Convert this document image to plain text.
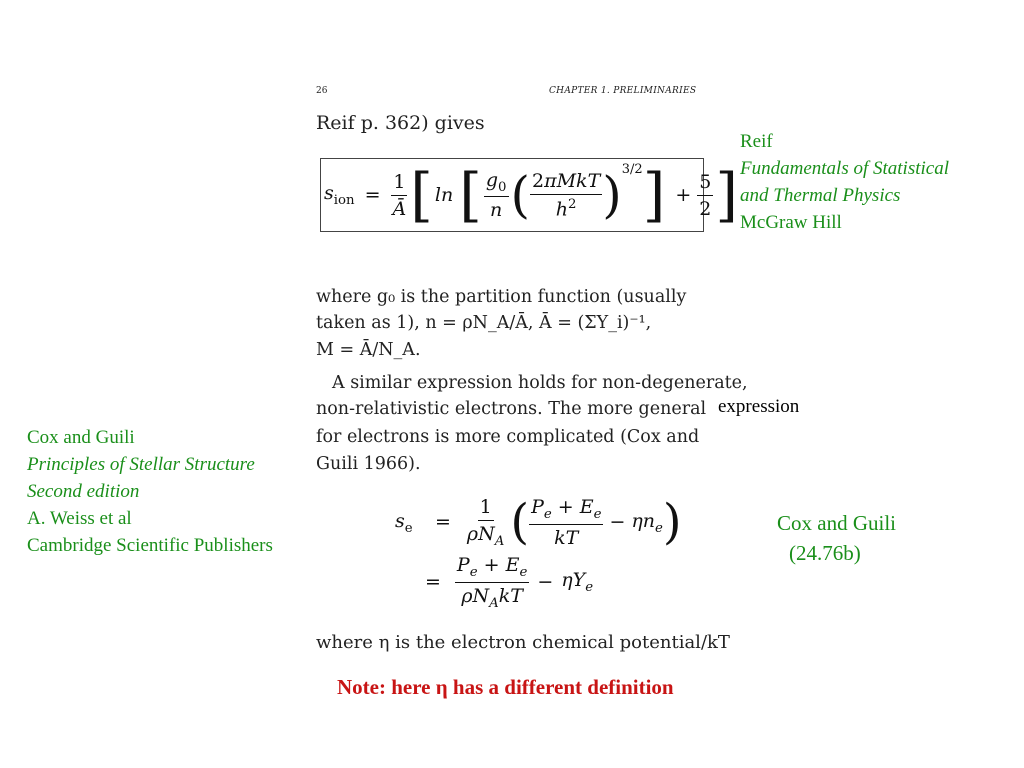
26	CHAPTER 1. PRELIMINARIES
Reif p. 362) gives
$s_{ion} = \frac{1}{Ā}$ [ ln [ $\frac{g_0}{n}$ ( $\frac{\text{2πMkT}}{h^2}$ ) 3/2 ] + $\frac{5}{2}$ ]
where g₀ is the partition function (usually
taken as 1), n = ρN_A/Ā, Ā = (ΣY_i)⁻¹,
M = Ā/N_A.
A similar expression holds for non-degenerate,
non-relativistic electrons. The more general expression
for electrons is more complicated (Cox and
Guili 1966).
$s_e$	= $\frac{1}{\rho N_A}$ ( $\frac{P_e + E_e}{kT} - \eta n_e$ )
= $\frac{P_e + E_e}{\rho N_AkT} - \eta Y_e$
where η is the electron chemical potential/kT
Reif
Fundamentals of Statistical
and Thermal Physics
McGraw Hill
Cox and Guili
Principles of Stellar Structure
Second edition
A. Weiss et al
Cambridge Scientific Publishers
Cox and Guili
(24.76b)
Note: here η has a different definition
